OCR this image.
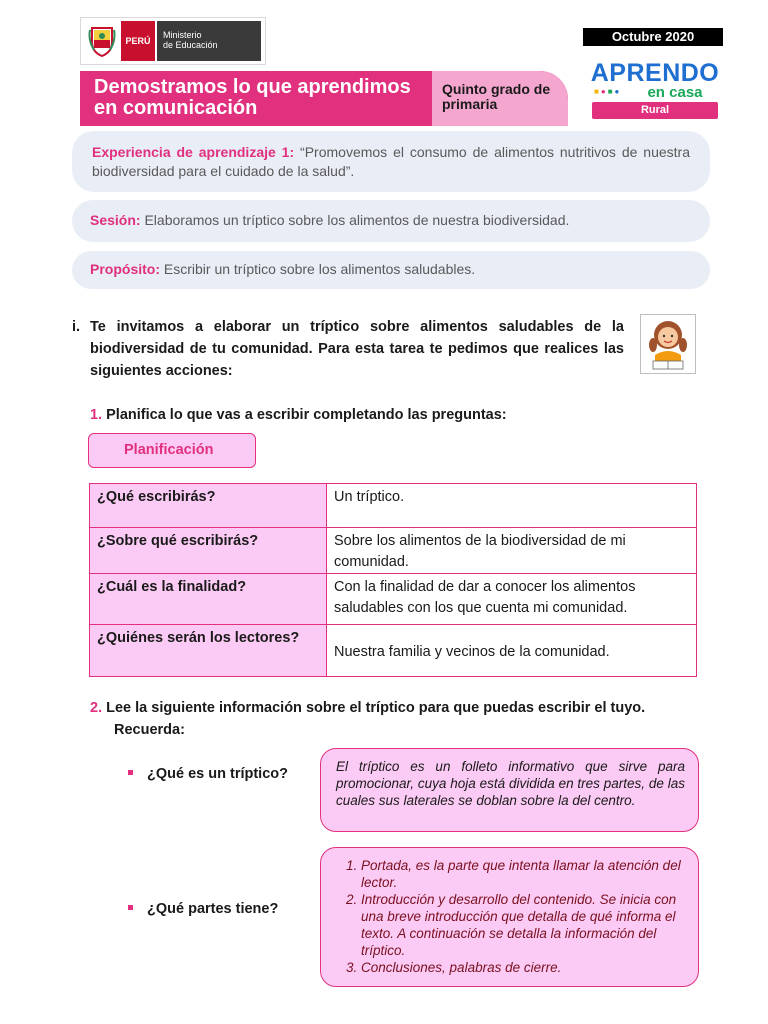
PERÚ
Ministerio
de Educación
Octubre 2020
Demostramos lo que aprendimos en comunicación
Quinto grado de primaria
APRENDO
■●■●	en casa
Rural
Experiencia de aprendizaje 1: “Promovemos el consumo de alimentos nutritivos de nuestra biodiversidad para el cuidado de la salud”.
Sesión: Elaboramos un tríptico sobre los alimentos de nuestra biodiversidad.
Propósito: Escribir un tríptico sobre los alimentos saludables.
i. Te invitamos a elaborar un tríptico sobre alimentos saludables de la biodiversidad de tu comunidad. Para esta tarea te pedimos que realices las siguientes acciones:
1. Planifica lo que vas a escribir completando las preguntas:
Planificación
¿Qué escribirás?	Un tríptico.
¿Sobre qué escribirás?	Sobre los alimentos de la biodiversidad de mi comunidad.
¿Cuál es la finalidad?	Con la finalidad de dar a conocer los alimentos saludables con los que cuenta mi comunidad.
¿Quiénes serán los lectores?	Nuestra familia y vecinos de la comunidad.
2. Lee la siguiente información sobre el tríptico para que puedas escribir el tuyo.
Recuerda:
¿Qué es un tríptico?	El tríptico es un folleto informativo que sirve para promocionar, cuya hoja está dividida en tres partes, de las cuales sus laterales se doblan sobre la del centro.
¿Qué partes tiene?
1. Portada, es la parte que intenta llamar la atención del lector.
2. Introducción y desarrollo del contenido. Se inicia con una breve introducción que detalla de qué informa el texto. A continuación se detalla la información del tríptico.
3. Conclusiones, palabras de cierre.
